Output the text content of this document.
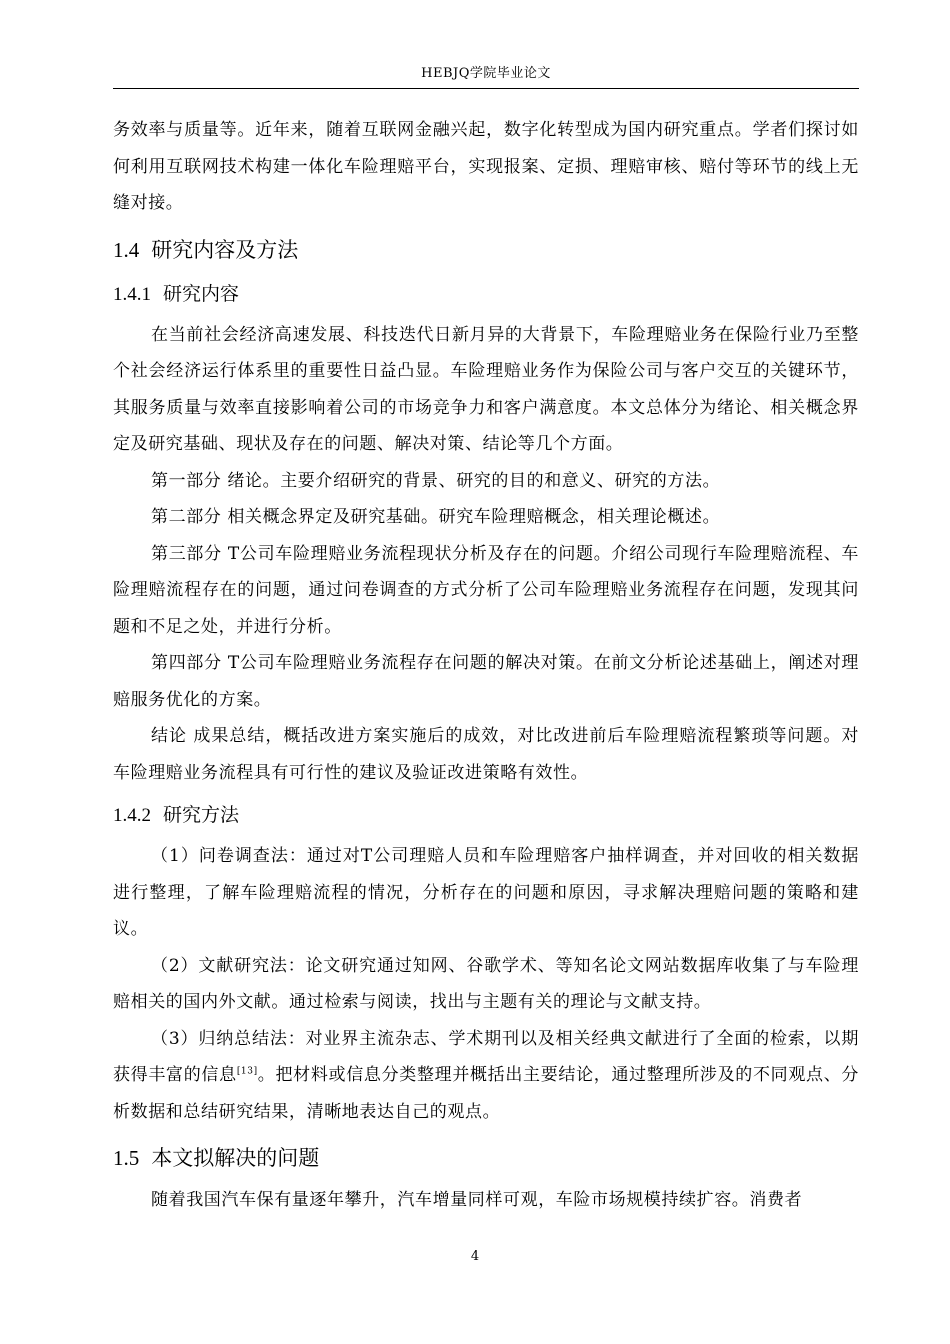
HEBJQ学院毕业论文

务效率与质量等。近年来，随着互联网金融兴起，数字化转型成为国内研究重点。学者们探讨如何利用互联网技术构建一体化车险理赔平台，实现报案、定损、理赔审核、赔付等环节的线上无缝对接。

1.4 研究内容及方法
1.4.1 研究内容

在当前社会经济高速发展、科技迭代日新月异的大背景下，车险理赔业务在保险行业乃至整个社会经济运行体系里的重要性日益凸显。车险理赔业务作为保险公司与客户交互的关键环节，其服务质量与效率直接影响着公司的市场竞争力和客户满意度。本文总体分为绪论、相关概念界定及研究基础、现状及存在的问题、解决对策、结论等几个方面。

第一部分 绪论。主要介绍研究的背景、研究的目的和意义、研究的方法。

第二部分 相关概念界定及研究基础。研究车险理赔概念，相关理论概述。

第三部分 T公司车险理赔业务流程现状分析及存在的问题。介绍公司现行车险理赔流程、车险理赔流程存在的问题，通过问卷调查的方式分析了公司车险理赔业务流程存在问题，发现其问题和不足之处，并进行分析。

第四部分 T公司车险理赔业务流程存在问题的解决对策。在前文分析论述基础上，阐述对理赔服务优化的方案。

结论 成果总结，概括改进方案实施后的成效，对比改进前后车险理赔流程繁琐等问题。对车险理赔业务流程具有可行性的建议及验证改进策略有效性。

1.4.2 研究方法

（1）问卷调查法：通过对T公司理赔人员和车险理赔客户抽样调查，并对回收的相关数据进行整理，了解车险理赔流程的情况，分析存在的问题和原因，寻求解决理赔问题的策略和建议。

（2）文献研究法：论文研究通过知网、谷歌学术、等知名论文网站数据库收集了与车险理赔相关的国内外文献。通过检索与阅读，找出与主题有关的理论与文献支持。

（3）归纳总结法：对业界主流杂志、学术期刊以及相关经典文献进行了全面的检索，以期获得丰富的信息[13]。把材料或信息分类整理并概括出主要结论，通过整理所涉及的不同观点、分析数据和总结研究结果，清晰地表达自己的观点。

1.5 本文拟解决的问题

随着我国汽车保有量逐年攀升，汽车增量同样可观，车险市场规模持续扩容。消费者

4
